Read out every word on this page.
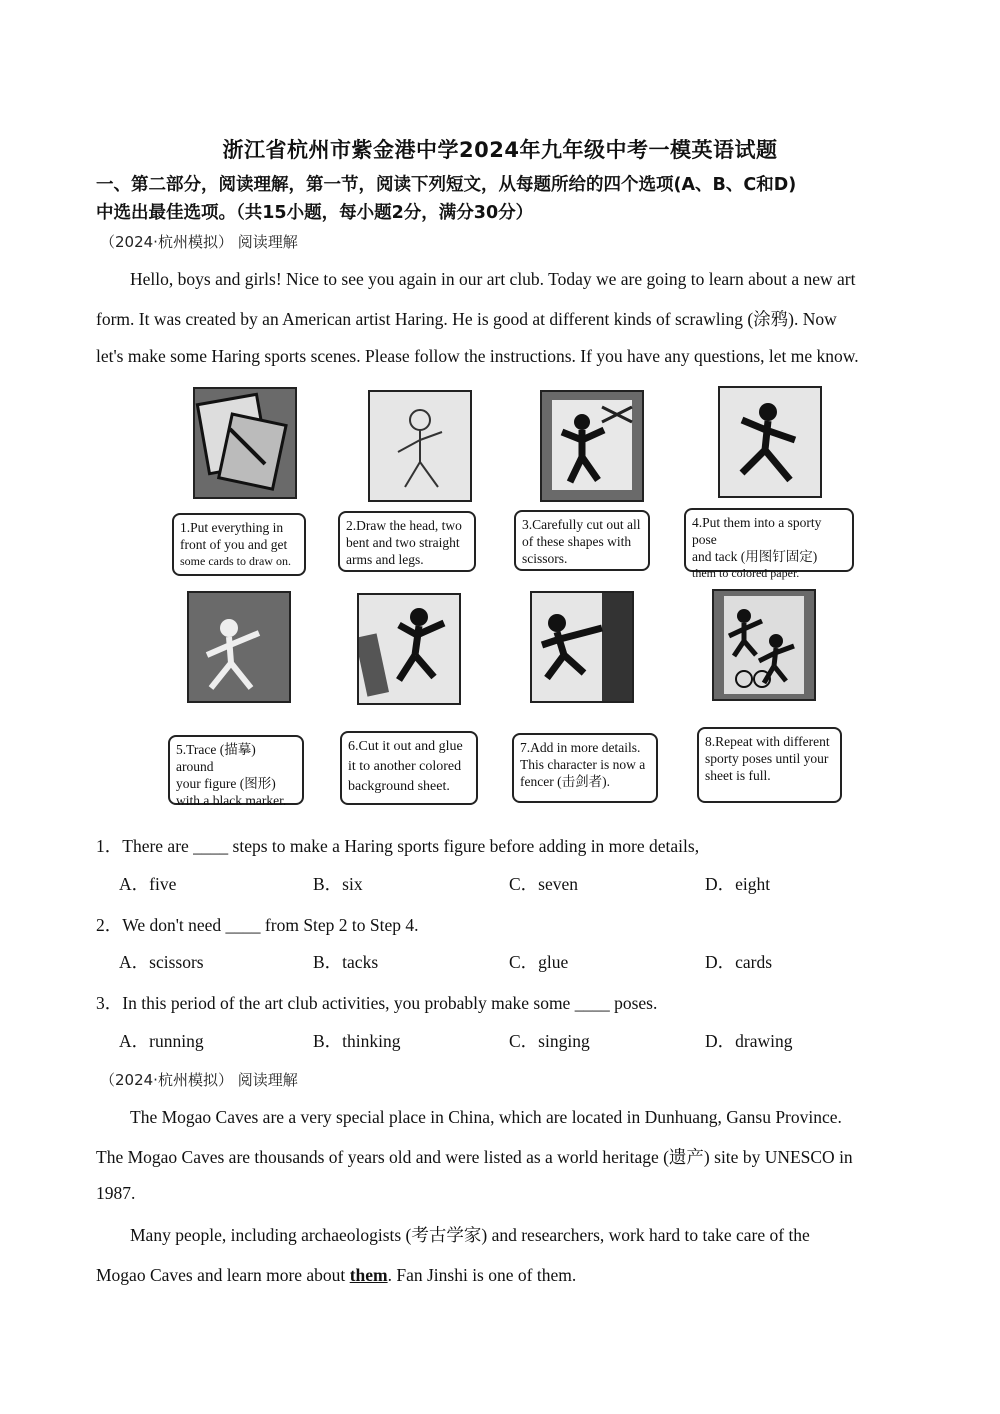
浙江省杭州市紫金港中学2024年九年级中考一模英语试题
一、第二部分，阅读理解，第一节，阅读下列短文，从每题所给的四个选项(A、B、C和D)
中选出最佳选项。（共15小题，每小题2分，满分30分）
（2024·杭州模拟） 阅读理解

Hello, boys and girls! Nice to see you again in our art club. Today we are going to learn about a new art

form. It was created by an American artist Haring. He is good at different kinds of scrawling (涂鸦). Now

let's make some Haring sports scenes. Please follow the instructions. If you have any questions, let me know.

1.Put everything in
front of you and get
some cards to draw on.
2.Draw the head, two
bent and two straight
arms and legs.
3.Carefully cut out all
of these shapes with
scissors.
4.Put them into a sporty pose
and tack (用图钉固定)
them to colored paper.
5.Trace (描摹) around
your figure (图形)
with a black marker.
6.Cut it out and glue
it to another colored
background sheet.
7.Add in more details.
This character is now a
fencer (击剑者).
8.Repeat with different
sporty poses until your
sheet is full.
1．There are ____ steps to make a Haring sports figure before adding in more details,
A．five	B．six	C．seven	D．eight
2．We don't need ____ from Step 2 to Step 4.
A．scissors	B．tacks	C．glue	D．cards
3．In this period of the art club activities, you probably make some ____ poses.
A．running	B．thinking	C．singing	D．drawing
（2024·杭州模拟） 阅读理解

The Mogao Caves are a very special place in China, which are located in Dunhuang, Gansu Province.

The Mogao Caves are thousands of years old and were listed as a world heritage (遗产) site by UNESCO in

1987.

Many people, including archaeologists (考古学家) and researchers, work hard to take care of the

Mogao Caves and learn more about them. Fan Jinshi is one of them.
